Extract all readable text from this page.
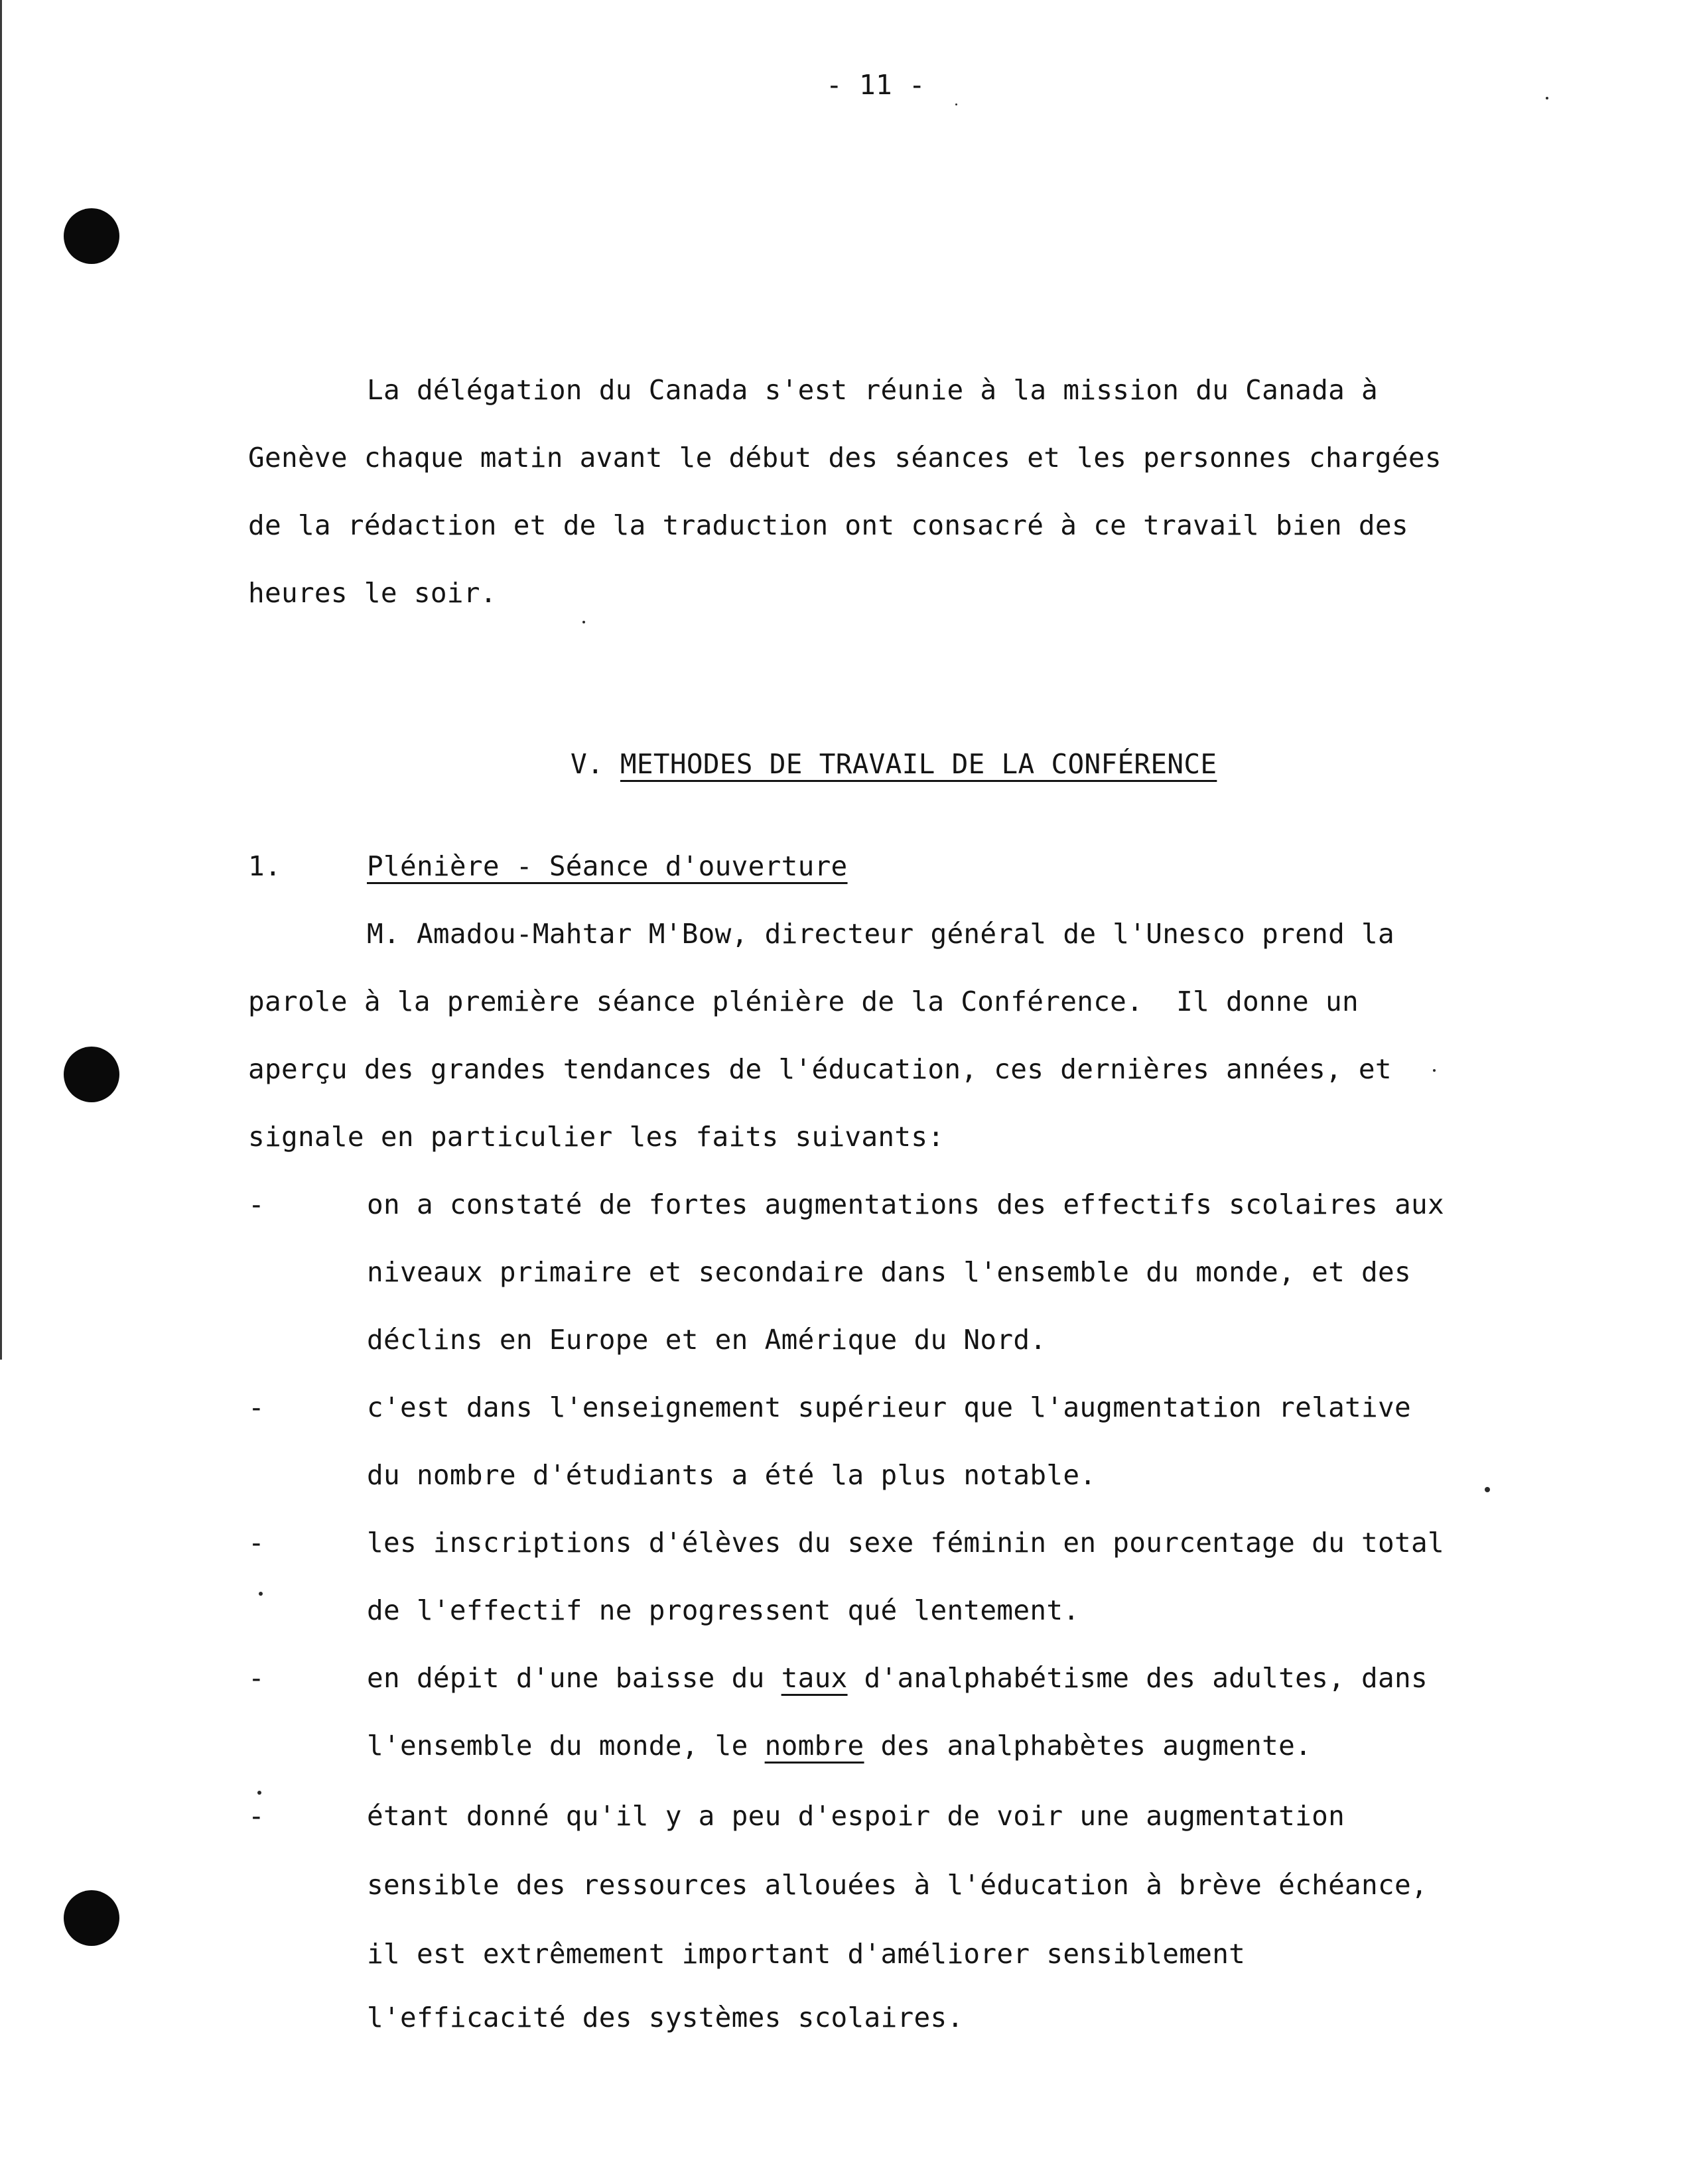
- 11 -
La délégation du Canada s'est réunie à la mission du Canada à
Genève chaque matin avant le début des séances et les personnes chargées
de la rédaction et de la traduction ont consacré à ce travail bien des
heures le soir.

V. METHODES DE TRAVAIL DE LA CONFÉRENCE

1.	Plénière - Séance d'ouverture
M. Amadou-Mahtar M'Bow, directeur général de l'Unesco prend la
parole à la première séance plénière de la Conférence.  Il donne un
aperçu des grandes tendances de l'éducation, ces dernières années, et
signale en particulier les faits suivants:
-	on a constaté de fortes augmentations des effectifs scolaires aux
niveaux primaire et secondaire dans l'ensemble du monde, et des
déclins en Europe et en Amérique du Nord.
-	c'est dans l'enseignement supérieur que l'augmentation relative
du nombre d'étudiants a été la plus notable.
-	les inscriptions d'élèves du sexe féminin en pourcentage du total
de l'effectif ne progressent qué lentement.
-	en dépit d'une baisse du taux d'analphabétisme des adultes, dans
l'ensemble du monde, le nombre des analphabètes augmente.
-	étant donné qu'il y a peu d'espoir de voir une augmentation
sensible des ressources allouées à l'éducation à brève échéance,
il est extrêmement important d'améliorer sensiblement
l'efficacité des systèmes scolaires.
